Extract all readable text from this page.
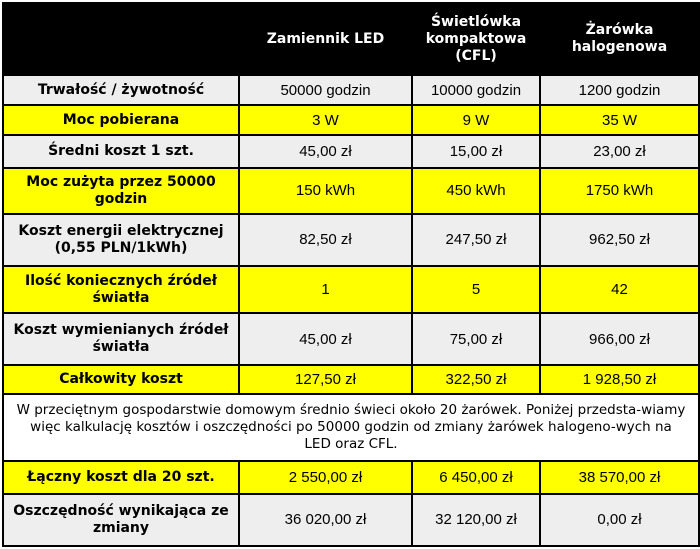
	Zamiennik LED	Świetlówka kompaktowa (CFL)	Żarówka halogenowa
Trwałość / żywotność	50000 godzin	10000 godzin	1200 godzin
Moc pobierana	3 W	9 W	35 W
Średni koszt 1 szt.	45,00 zł	15,00 zł	23,00 zł
Moc zużyta przez 50000 godzin	150 kWh	450 kWh	1750 kWh
Koszt energii elektrycznej (0,55 PLN/1kWh)	82,50 zł	247,50 zł	962,50 zł
Ilość koniecznych źródeł światła	1	5	42
Koszt wymienianych źródeł światła	45,00 zł	75,00 zł	966,00 zł
Całkowity koszt	127,50 zł	322,50 zł	1 928,50 zł
W przeciętnym gospodarstwie domowym średnio świeci około 20 żarówek. Poniżej przedsta-wiamy więc kalkulację kosztów i oszczędności po 50000 godzin od zmiany żarówek halogeno-wych na LED oraz CFL.			
Łączny koszt dla 20 szt.	2 550,00 zł	6 450,00 zł	38 570,00 zł
Oszczędność wynikająca ze zmiany	36 020,00 zł	32 120,00 zł	0,00 zł
